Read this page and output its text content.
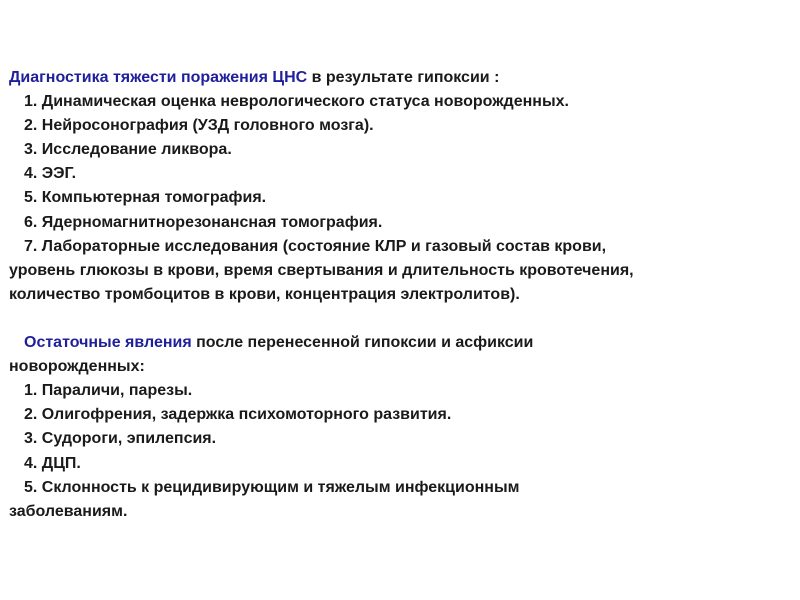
Диагностика тяжести поражения ЦНС в результате гипоксии :
1. Динамическая оценка неврологического статуса новорожденных.
2. Нейросонография (УЗД головного мозга).
3. Исследование ликвора.
4. ЭЭГ.
5. Компьютерная томография.
6. Ядерномагнитнорезонансная томография.
7. Лабораторные исследования (состояние КЛР и газовый состав крови,
уровень глюкозы в крови, время свертывания и длительность кровотечения,
количество тромбоцитов в крови, концентрация электролитов).
Остаточные явления после перенесенной гипоксии и асфиксии
новорожденных:
1. Параличи, парезы.
2. Олигофрения, задержка психомоторного развития.
3. Судороги, эпилепсия.
4. ДЦП.
5. Склонность к рецидивирующим и тяжелым инфекционным
заболеваниям.
